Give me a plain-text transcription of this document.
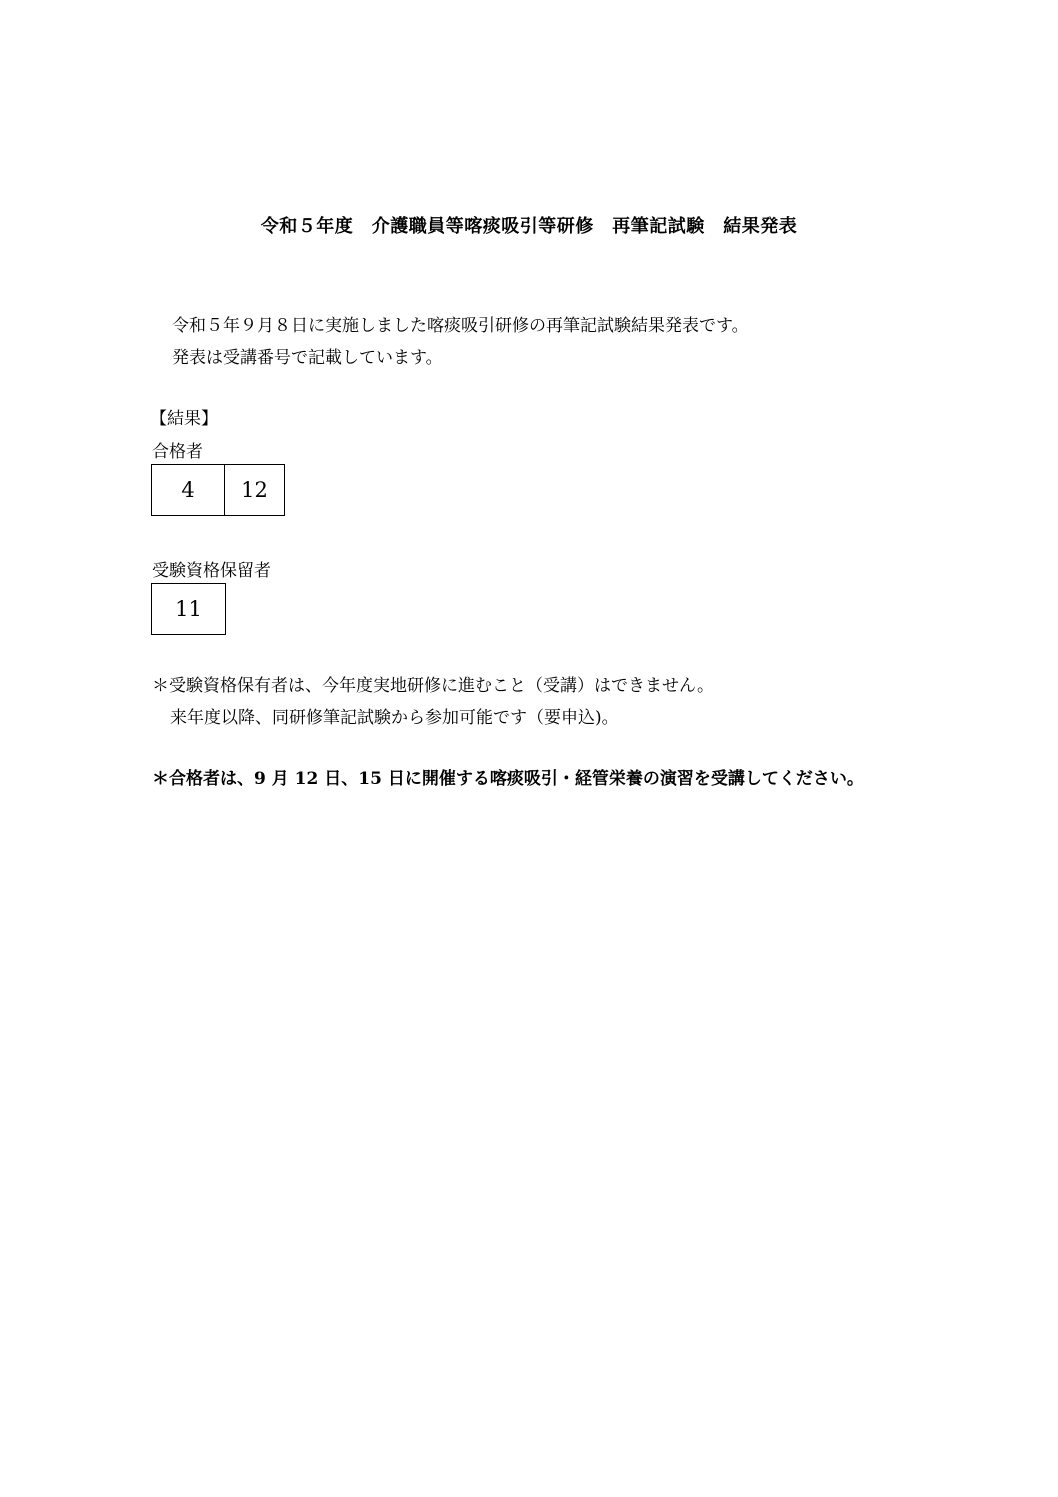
令和５年度　介護職員等喀痰吸引等研修　再筆記試験　結果発表

令和５年９月８日に実施しました喀痰吸引研修の再筆記試験結果発表です。

発表は受講番号で記載しています。

【結果】
合格者
4	12
受験資格保留者
11

＊受験資格保有者は、今年度実地研修に進むこと（受講）はできません。

来年度以降、同研修筆記試験から参加可能です（要申込)。

＊合格者は、9 月 12 日、15 日に開催する喀痰吸引・経管栄養の演習を受講してください。
